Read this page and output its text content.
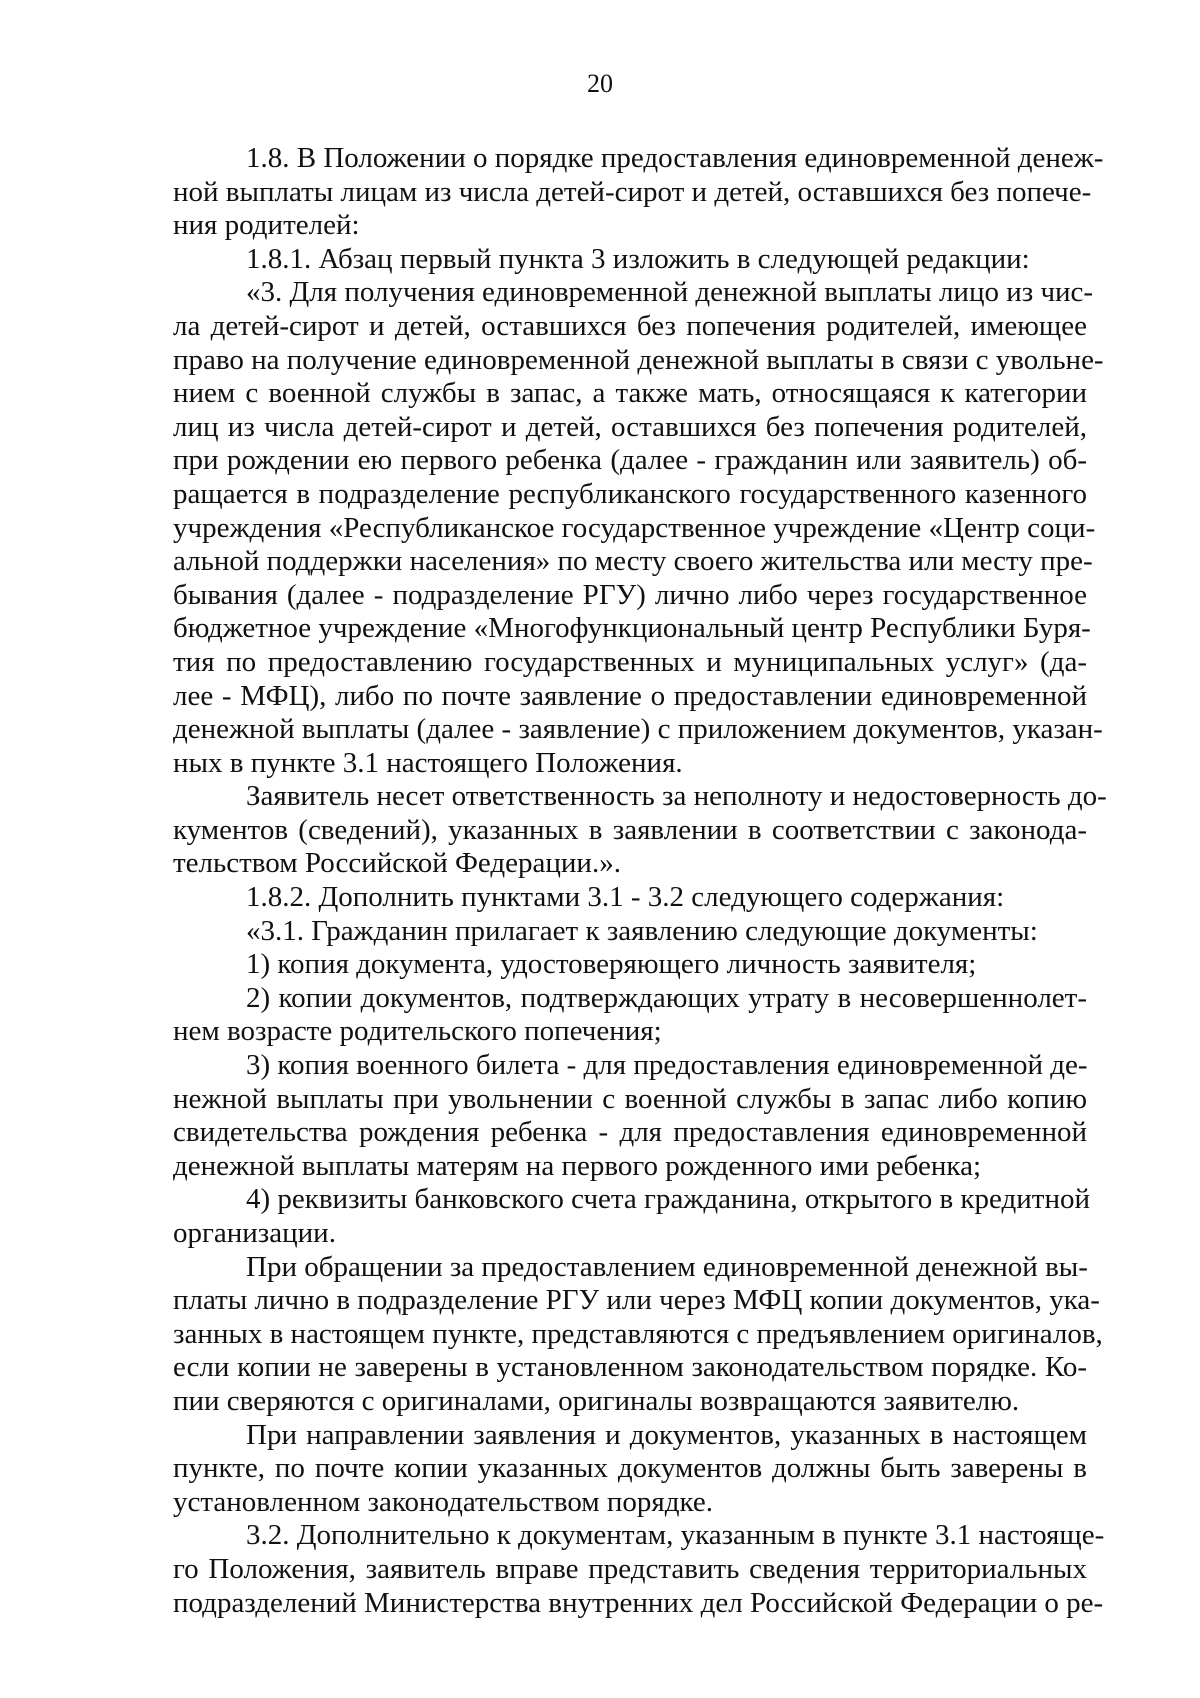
20
1.8. В Положении о порядке предоставления единовременной денеж-
ной выплаты лицам из числа детей-сирот и детей, оставшихся без попече-
ния родителей:
1.8.1. Абзац первый пункта 3 изложить в следующей редакции:
«3. Для получения единовременной денежной выплаты лицо из чис-
ла детей-сирот и детей, оставшихся без попечения родителей, имеющее
право на получение единовременной денежной выплаты в связи с увольне-
нием с военной службы в запас, а также мать, относящаяся к категории
лиц из числа детей-сирот и детей, оставшихся без попечения родителей,
при рождении ею первого ребенка (далее - гражданин или заявитель) об-
ращается в подразделение республиканского государственного казенного
учреждения «Республиканское государственное учреждение «Центр соци-
альной поддержки населения» по месту своего жительства или месту пре-
бывания (далее - подразделение РГУ) лично либо через государственное
бюджетное учреждение «Многофункциональный центр Республики Буря-
тия по предоставлению государственных и муниципальных услуг» (да-
лее - МФЦ), либо по почте заявление о предоставлении единовременной
денежной выплаты (далее - заявление) с приложением документов, указан-
ных в пункте 3.1 настоящего Положения.
Заявитель несет ответственность за неполноту и недостоверность до-
кументов (сведений), указанных в заявлении в соответствии с законода-
тельством Российской Федерации.».
1.8.2. Дополнить пунктами 3.1 - 3.2 следующего содержания:
«3.1. Гражданин прилагает к заявлению следующие документы:
1) копия документа, удостоверяющего личность заявителя;
2) копии документов, подтверждающих утрату в несовершеннолет-
нем возрасте родительского попечения;
3) копия военного билета - для предоставления единовременной де-
нежной выплаты при увольнении с военной службы в запас либо копию
свидетельства рождения ребенка - для предоставления единовременной
денежной выплаты матерям на первого рожденного ими ребенка;
4) реквизиты банковского счета гражданина, открытого в кредитной
организации.
При обращении за предоставлением единовременной денежной вы-
платы лично в подразделение РГУ или через МФЦ копии документов, ука-
занных в настоящем пункте, представляются с предъявлением оригиналов,
если копии не заверены в установленном законодательством порядке. Ко-
пии сверяются с оригиналами, оригиналы возвращаются заявителю.
При направлении заявления и документов, указанных в настоящем
пункте, по почте копии указанных документов должны быть заверены в
установленном законодательством порядке.
3.2. Дополнительно к документам, указанным в пункте 3.1 настояще-
го Положения, заявитель вправе представить сведения территориальных
подразделений Министерства внутренних дел Российской Федерации о ре-
